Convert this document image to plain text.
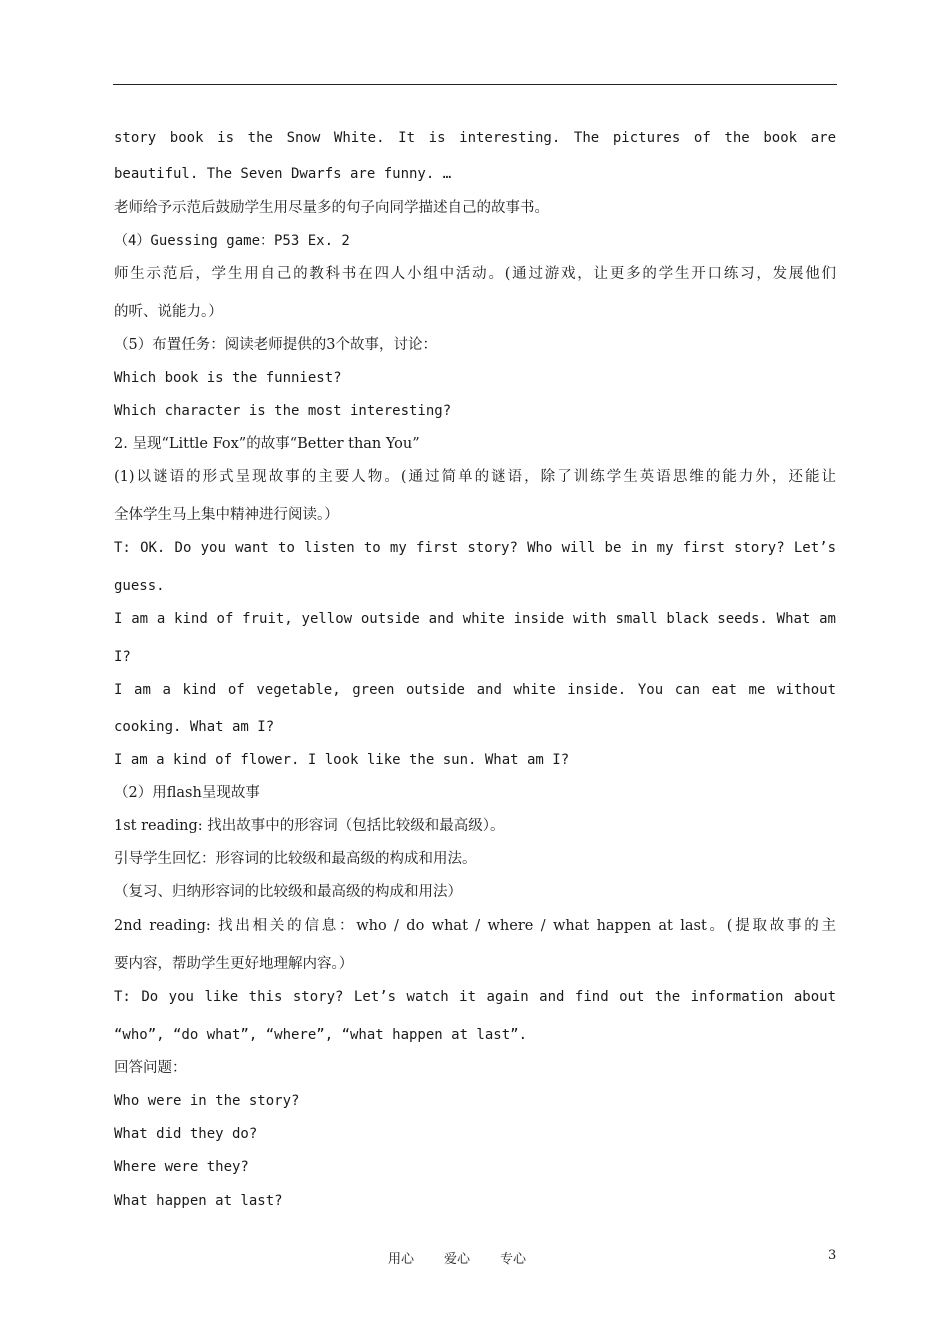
story book is the Snow White. It is interesting. The pictures of the book are
beautiful. The Seven Dwarfs are funny. …
老师给予示范后鼓励学生用尽量多的句子向同学描述自己的故事书。
（4）Guessing game：P53 Ex. 2
师生示范后，学生用自己的教科书在四人小组中活动。(通过游戏，让更多的学生开口练习，发展他们
的听、说能力。）
（5）布置任务：阅读老师提供的3个故事，讨论：
Which book is the funniest?
Which character is the most interesting?
2. 呈现“Little Fox”的故事“Better than You”
(1)以谜语的形式呈现故事的主要人物。(通过简单的谜语，除了训练学生英语思维的能力外，还能让
全体学生马上集中精神进行阅读。）
T: OK. Do you want to listen to my first story? Who will be in my first story? Let’s
guess.
I am a kind of fruit, yellow outside and white inside with small black seeds. What am
I?
I am a kind of vegetable, green outside and white inside. You can eat me without
cooking. What am I?
I am a kind of flower. I look like the sun. What am I?
（2）用flash呈现故事
1st reading: 找出故事中的形容词（包括比较级和最高级）。
引导学生回忆：形容词的比较级和最高级的构成和用法。
（复习、归纳形容词的比较级和最高级的构成和用法）
2nd reading: 找出相关的信息：who / do what / where / what happen at last。(提取故事的主
要内容，帮助学生更好地理解内容。）
T: Do you like this story? Let’s watch it again and find out the information about
“who”, “do what”, “where”, “what happen at last”.
回答问题：
Who were in the story?
What did they do?
Where were they?
What happen at last?
用心 爱心 专心	3
